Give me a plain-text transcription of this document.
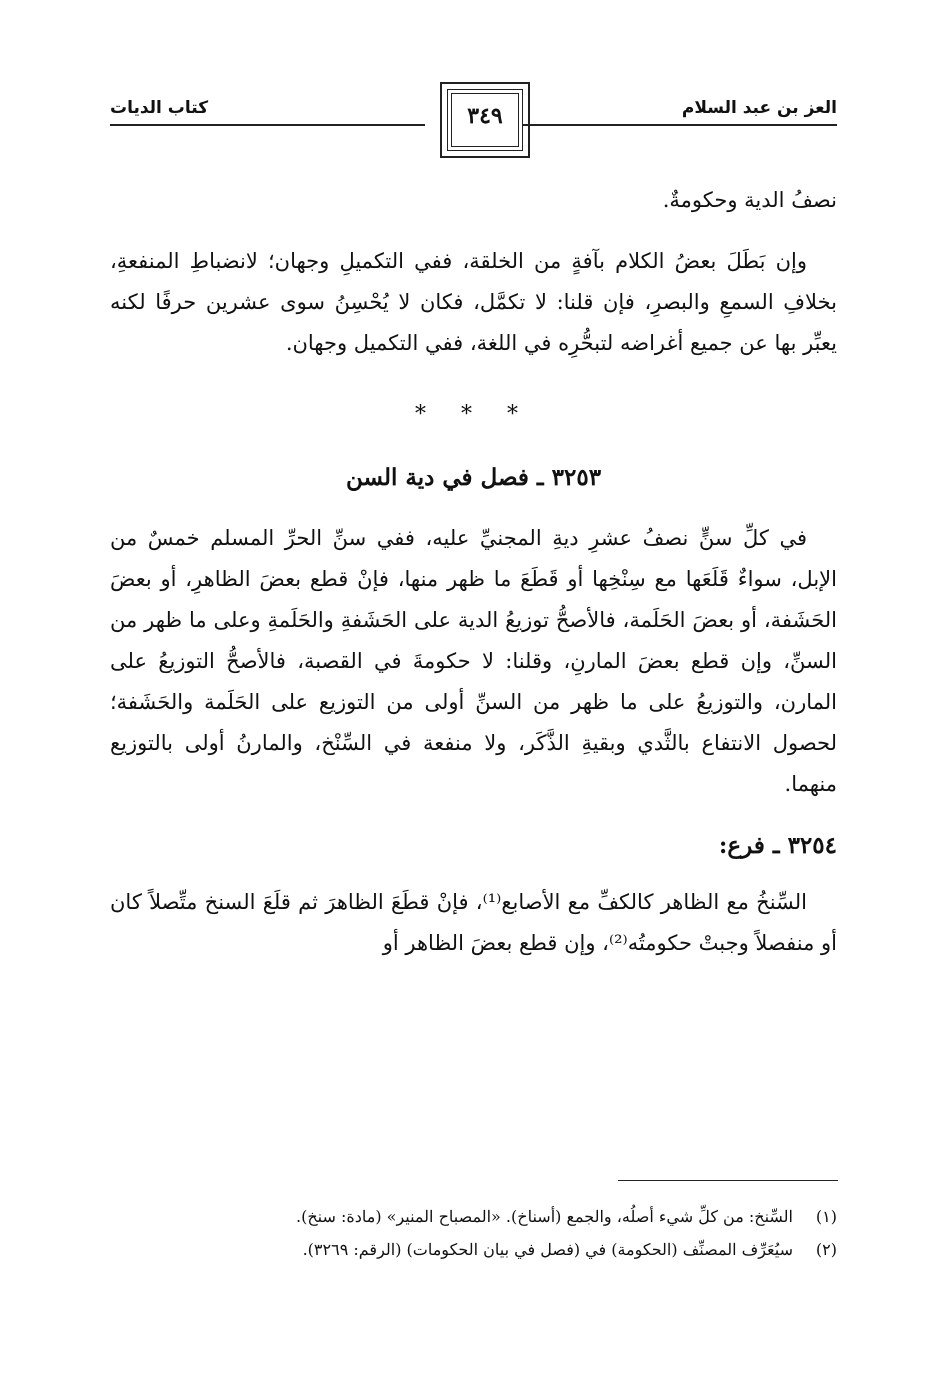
العز بن عبد السلام
٣٤٩
كتاب الديات

نصفُ الدية وحكومةٌ.

وإن بَطَلَ بعضُ الكلام بآفةٍ من الخلقة، ففي التكميلِ وجهان؛ لانضباطِ المنفعةِ، بخلافِ السمعِ والبصرِ، فإن قلنا: لا تكمَّل، فكان لا يُحْسِنُ سوى عشرين حرفًا لكنه يعبِّر بها عن جميع أغراضه لتبحُّرِه في اللغة، ففي التكميل وجهان.

* * *
٣٢٥٣ ـ فصل في دية السن

في كلِّ سنٍّ نصفُ عشرِ ديةِ المجنيِّ عليه، ففي سنِّ الحرِّ المسلم خمسٌ من الإبل، سواءٌ قَلَعَها مع سِنْخِها أو قَطَعَ ما ظهر منها، فإنْ قطع بعضَ الظاهرِ، أو بعضَ الحَشَفة، أو بعضَ الحَلَمة، فالأصحُّ توزيعُ الدية على الحَشَفةِ والحَلَمةِ وعلى ما ظهر من السنِّ، وإن قطع بعضَ المارنِ، وقلنا: لا حكومةَ في القصبة، فالأصحُّ التوزيعُ على المارن، والتوزيعُ على ما ظهر من السنِّ أولى من التوزيع على الحَلَمة والحَشَفة؛ لحصول الانتفاع بالثَّدي وبقيةِ الذَّكَر، ولا منفعة في السِّنْخ، والمارنُ أولى بالتوزيع منهما.

٣٢٥٤ ـ فرع:

السِّنخُ مع الظاهر كالكفِّ مع الأصابع⁽¹⁾، فإنْ قطَعَ الظاهرَ ثم قلَعَ السنخ متِّصلاً كان أو منفصلاً وجبتْ حكومتُه⁽²⁾، وإن قطع بعضَ الظاهر أو

(١)
السِّنخ: من كلِّ شيء أصلُه، والجمع (أسناخ). «المصباح المنير» (مادة: سنخ).
(٢)
سيُعَرِّف المصنِّف (الحكومة) في (فصل في بيان الحكومات) (الرقم: ٣٢٦٩).
